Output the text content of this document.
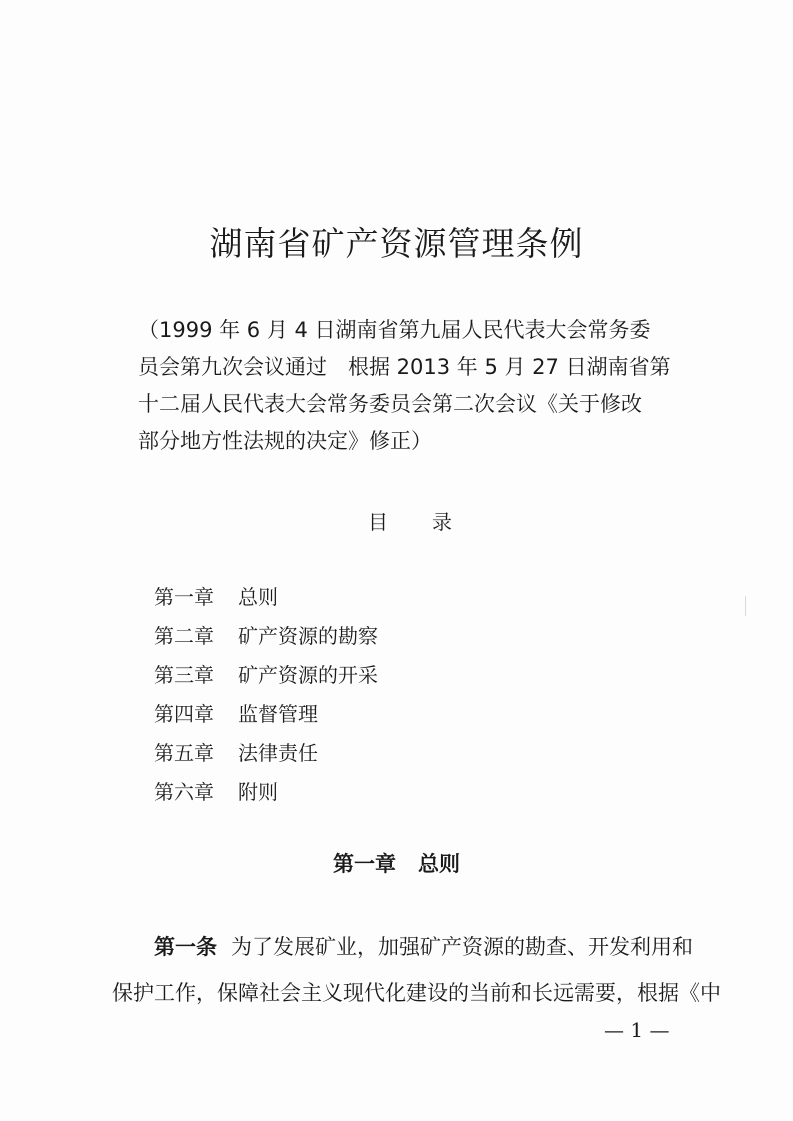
湖南省矿产资源管理条例
（1999 年 6 月 4 日湖南省第九届人民代表大会常务委
员会第九次会议通过　根据 2013 年 5 月 27 日湖南省第
十二届人民代表大会常务委员会第二次会议《关于修改
部分地方性法规的决定》修正）
目 录
第一章 总则
第二章 矿产资源的勘察
第三章 矿产资源的开采
第四章 监督管理
第五章 法律责任
第六章 附则
第一章 总则
第一条 为了发展矿业，加强矿产资源的勘查、开发利用和
保护工作，保障社会主义现代化建设的当前和长远需要，根据《中
— 1 —
